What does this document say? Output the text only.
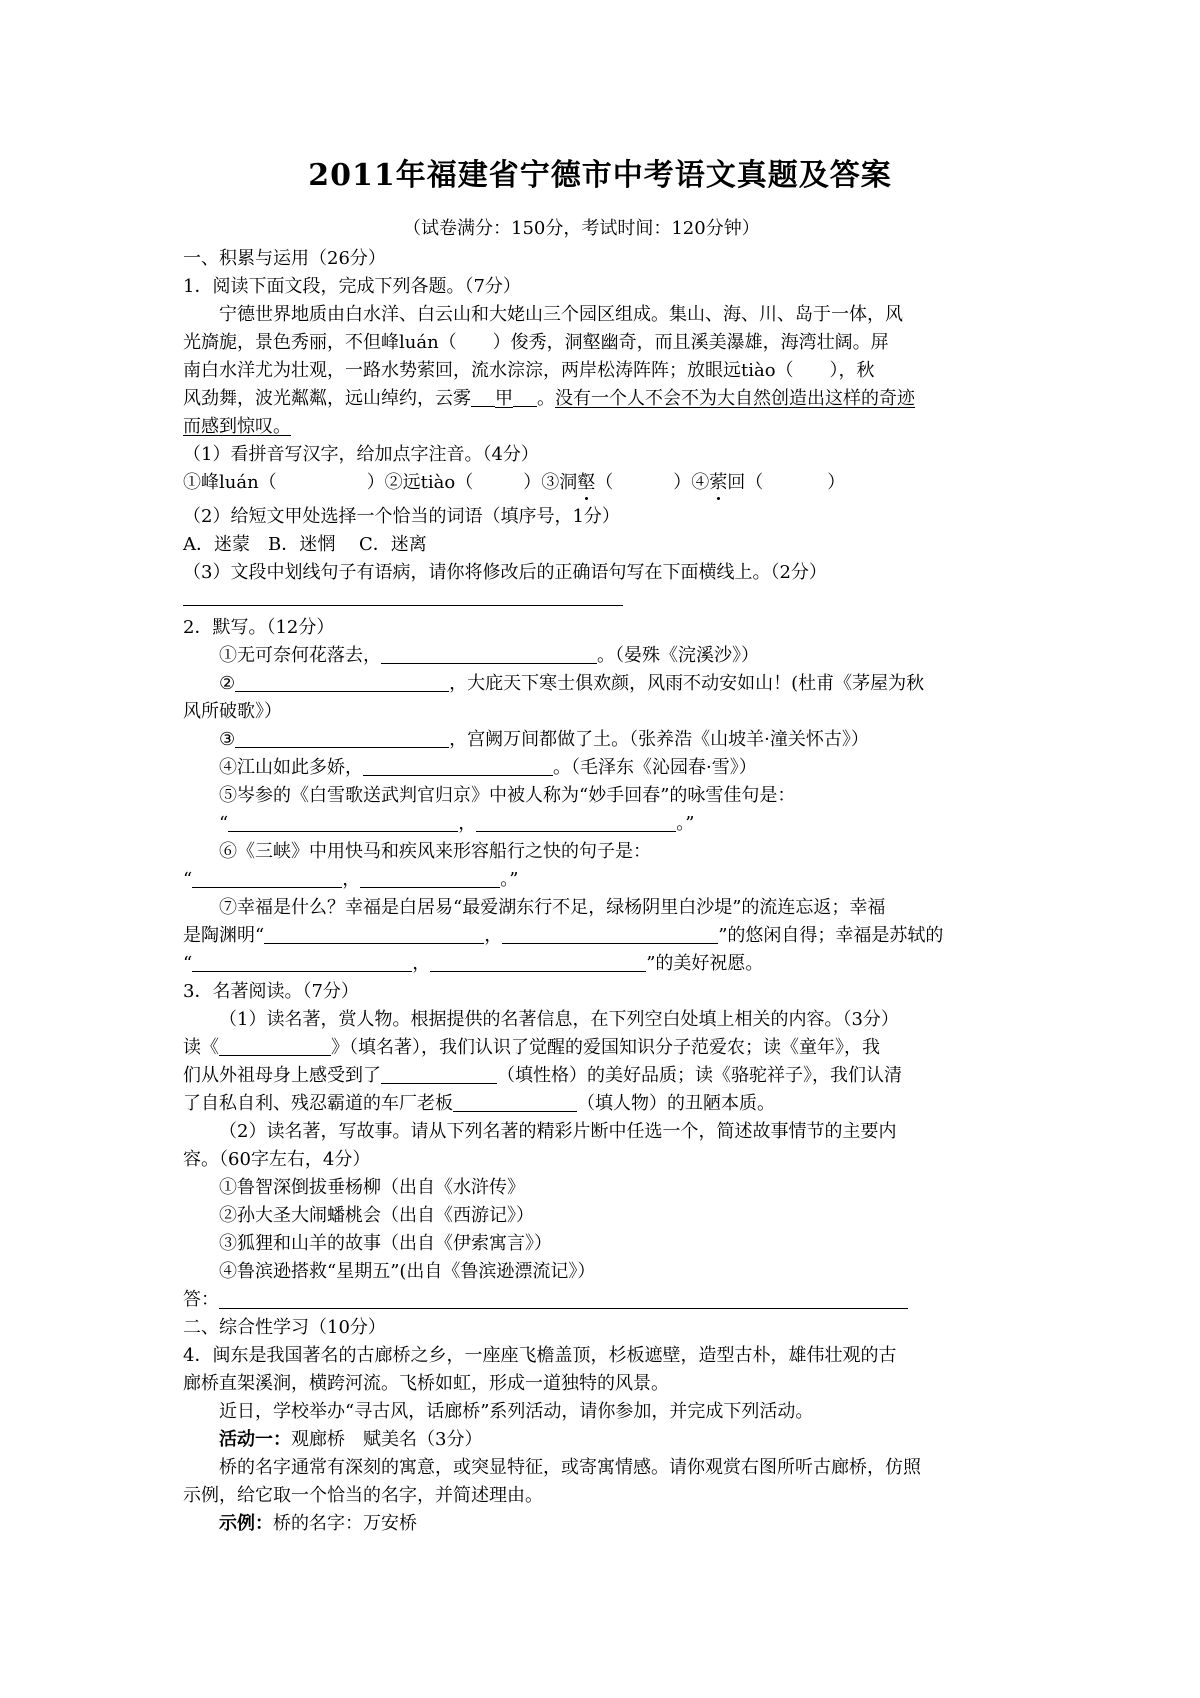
2011年福建省宁德市中考语文真题及答案
（试卷满分：150分，考试时间：120分钟）
一、积累与运用（26分）
1．阅读下面文段，完成下列各题。（7分）
宁德世界地质由白水洋、白云山和大姥山三个园区组成。集山、海、川、岛于一体，风
光旖旎，景色秀丽，不但峰luán（　　）俊秀，洞壑幽奇，而且溪美瀑雄，海湾壮阔。屏
南白水洋尤为壮观，一路水势萦回，流水淙淙，两岸松涛阵阵；放眼远tiào（　　），秋
风劲舞，波光粼粼，远山绰约，云雾 甲 。没有一个人不会不为大自然创造出这样的奇迹
而感到惊叹。
（1）看拼音写汉字，给加点字注音。（4分）
①峰luán（	）②远tiào（	）③洞壑（	）④萦回（	）
（2）给短文甲处选择一个恰当的词语（填序号，1分）
A．迷蒙　B．迷惘　 C．迷离
（3）文段中划线句子有语病，请你将修改后的正确语句写在下面横线上。（2分）
2．默写。（12分）
①无可奈何花落去，	。（晏殊《浣溪沙》）
②	，大庇天下寒士俱欢颜，风雨不动安如山！(杜甫《茅屋为秋
风所破歌》）
③	，宫阙万间都做了土。（张养浩《山坡羊·潼关怀古》）
④江山如此多娇，	。（毛泽东《沁园春·雪》）
⑤岑参的《白雪歌送武判官归京》中被人称为“妙手回春”的咏雪佳句是：
“	，	。”
⑥《三峡》中用快马和疾风来形容船行之快的句子是：
“	，	。”
⑦幸福是什么？幸福是白居易“最爱湖东行不足，绿杨阴里白沙堤”的流连忘返；幸福
是陶渊明“	，	”的悠闲自得；幸福是苏轼的
“	，	”的美好祝愿。
3．名著阅读。（7分）
（1）读名著，赏人物。根据提供的名著信息，在下列空白处填上相关的内容。（3分）
读《	》（填名著），我们认识了觉醒的爱国知识分子范爱农；读《童年》，我
们从外祖母身上感受到了	（填性格）的美好品质；读《骆驼祥子》，我们认清
了自私自利、残忍霸道的车厂老板	（填人物）的丑陋本质。
（2）读名著，写故事。请从下列名著的精彩片断中任选一个，简述故事情节的主要内
容。（60字左右，4分）
①鲁智深倒拔垂杨柳（出自《水浒传》
②孙大圣大闹蟠桃会（出自《西游记》）
③狐狸和山羊的故事（出自《伊索寓言》）
④鲁滨逊搭救“星期五”(出自《鲁滨逊漂流记》）
答：
二、综合性学习（10分）
4．闽东是我国著名的古廊桥之乡，一座座飞檐盖顶，杉板遮壁，造型古朴，雄伟壮观的古
廊桥直架溪涧，横跨河流。飞桥如虹，形成一道独特的风景。
近日，学校举办“寻古风，话廊桥”系列活动，请你参加，并完成下列活动。
活动一：观廊桥　赋美名（3分）
桥的名字通常有深刻的寓意，或突显特征，或寄寓情感。请你观赏右图所听古廊桥，仿照
示例，给它取一个恰当的名字，并简述理由。
示例：桥的名字：万安桥
